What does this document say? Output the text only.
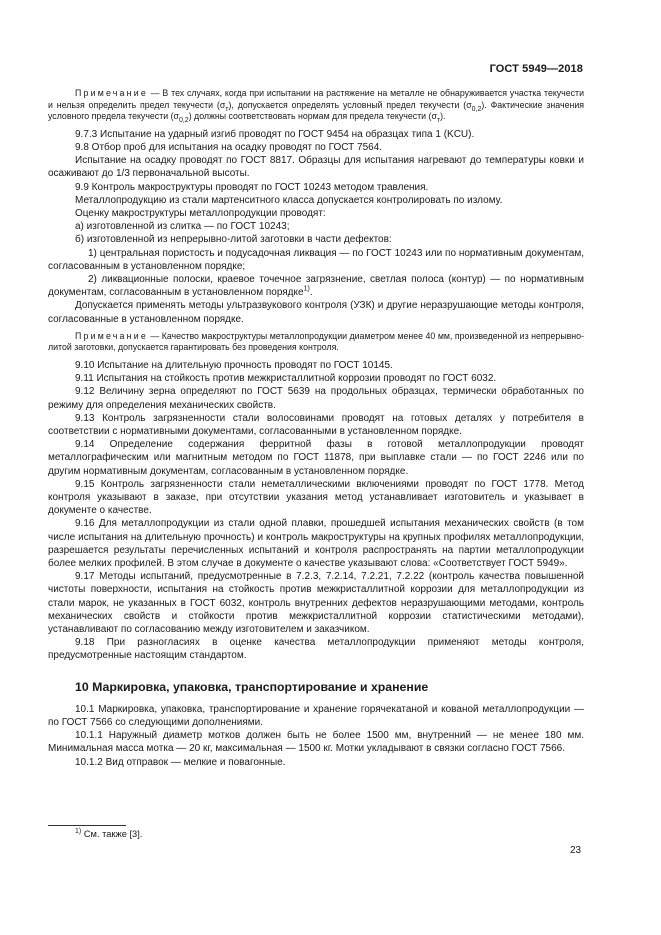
ГОСТ 5949—2018

Примечание — В тех случаях, когда при испытании на растяжение на металле не обнаруживается участка текучести и нельзя определить предел текучести $(\sigma_т)$, допускается определять условный предел текучести $(\sigma_{0,2})$. Фактические значения условного предела текучести $(\sigma_{0,2})$ должны соответствовать нормам для предела текучести $(\sigma_т)$.

9.7.3 Испытание на ударный изгиб проводят по ГОСТ 9454 на образцах типа 1 (KCU).

9.8 Отбор проб для испытания на осадку проводят по ГОСТ 7564.

Испытание на осадку проводят по ГОСТ 8817. Образцы для испытания нагревают до температуры ковки и осаживают до 1/3 первоначальной высоты.

9.9 Контроль макроструктуры проводят по ГОСТ 10243 методом травления.

Металлопродукцию из стали мартенситного класса допускается контролировать по излому.

Оценку макроструктуры металлопродукции проводят:

а) изготовленной из слитка — по ГОСТ 10243;

б) изготовленной из непрерывно-литой заготовки в части дефектов:

1) центральная пористость и подусадочная ликвация — по ГОСТ 10243 или по нормативным документам, согласованным в установленном порядке;

2) ликвационные полоски, краевое точечное загрязнение, светлая полоса (контур) — по нормативным документам, согласованным в установленном порядке$^{1)}$.

Допускается применять методы ультразвукового контроля (УЗК) и другие неразрушающие методы контроля, согласованные в установленном порядке.

Примечание — Качество макроструктуры металлопродукции диаметром менее 40 мм, произведенной из непрерывно-литой заготовки, допускается гарантировать без проведения контроля.

9.10 Испытание на длительную прочность проводят по ГОСТ 10145.

9.11 Испытания на стойкость против межкристаллитной коррозии проводят по ГОСТ 6032.

9.12 Величину зерна определяют по ГОСТ 5639 на продольных образцах, термически обработанных по режиму для определения механических свойств.

9.13 Контроль загрязненности стали волосовинами проводят на готовых деталях у потребителя в соответствии с нормативными документами, согласованными в установленном порядке.

9.14 Определение содержания ферритной фазы в готовой металлопродукции проводят металлографическим или магнитным методом по ГОСТ 11878, при выплавке стали — по ГОСТ 2246 или по другим нормативным документам, согласованным в установленном порядке.

9.15 Контроль загрязненности стали неметаллическими включениями проводят по ГОСТ 1778. Метод контроля указывают в заказе, при отсутствии указания метод устанавливает изготовитель и указывает в документе о качестве.

9.16 Для металлопродукции из стали одной плавки, прошедшей испытания механических свойств (в том числе испытания на длительную прочность) и контроль макроструктуры на крупных профилях металлопродукции, разрешается результаты перечисленных испытаний и контроля распространять на партии металлопродукции более мелких профилей. В этом случае в документе о качестве указывают слова: «Соответствует ГОСТ 5949».

9.17 Методы испытаний, предусмотренные в 7.2.3, 7.2.14, 7.2.21, 7.2.22 (контроль качества повышенной чистоты поверхности, испытания на стойкость против межкристаллитной коррозии для металлопродукции из стали марок, не указанных в ГОСТ 6032, контроль внутренних дефектов неразрушающими методами, контроль механических свойств и стойкости против межкристаллитной коррозии статистическими методами), устанавливают по согласованию между изготовителем и заказчиком.

9.18 При разногласиях в оценке качества металлопродукции применяют методы контроля, предусмотренные настоящим стандартом.

10 Маркировка, упаковка, транспортирование и хранение

10.1 Маркировка, упаковка, транспортирование и хранение горячекатаной и кованой металлопродукции — по ГОСТ 7566 со следующими дополнениями.

10.1.1 Наружный диаметр мотков должен быть не более 1500 мм, внутренний — не менее 180 мм. Минимальная масса мотка — 20 кг, максимальная — 1500 кг. Мотки укладывают в связки согласно ГОСТ 7566.

10.1.2 Вид отправок — мелкие и повагонные.

$^{1)}$ См. также [3].
23
